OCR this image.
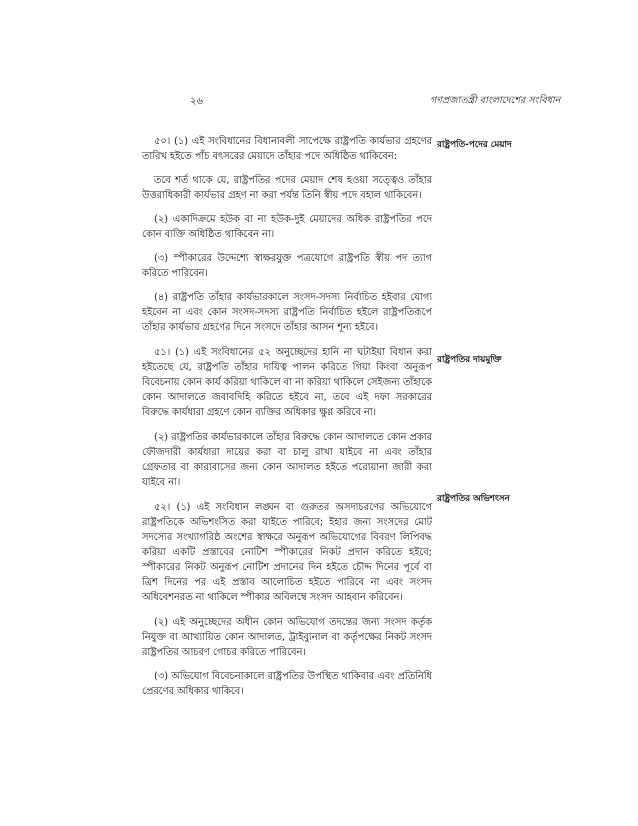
২৬	গণপ্রজাতন্ত্রী বাংলাদেশের সংবিধান
রাষ্ট্রপতি-পদের মেয়াদ
রাষ্ট্রপতির দায়মুক্তি
রাষ্ট্রপতির অভিশংসন

৫০। (১) এই সংবিধানের বিধানাবলী সাপেক্ষে রাষ্ট্রপতি কার্যভার গ্রহণের তারিখ হইতে পাঁচ বৎসরের মেয়াদে তাঁহার পদে অধিষ্ঠিত থাকিবেন:

তবে শর্ত থাকে যে, রাষ্ট্রপতির পদের মেয়াদ শেষ হওয়া সত্ত্বেও তাঁহার উত্তরাধিকারী কার্যভার গ্রহণ না করা পর্যন্ত তিনি স্বীয় পদে বহাল থাকিবেন।

(২) একাদিক্রমে হউক বা না হউক-দুই মেয়াদের অধিক রাষ্ট্রপতির পদে কোন ব্যক্তি অধিষ্ঠিত থাকিবেন না।

(৩) স্পীকারের উদ্দেশ্যে স্বাক্ষরযুক্ত পত্রযোগে রাষ্ট্রপতি স্বীয় পদ ত্যাগ করিতে পারিবেন।

(৪) রাষ্ট্রপতি তাঁহার কার্যভারকালে সংসদ-সদস্য নির্বাচিত হইবার যোগ্য হইবেন না এবং কোন সংসদ-সদস্য রাষ্ট্রপতি নির্বাচিত হইলে রাষ্ট্রপতিরূপে তাঁহার কার্যভার গ্রহণের দিনে সংসদে তাঁহার আসন শূন্য হইবে।

৫১। (১) এই সংবিধানের ৫২ অনুচ্ছেদের হানি না ঘটাইয়া বিধান করা হইতেছে যে, রাষ্ট্রপতি তাঁহার দায়িত্ব পালন করিতে গিয়া কিংবা অনুরূপ বিবেচনায় কোন কার্য করিয়া থাকিলে বা না করিয়া থাকিলে সেইজন্য তাঁহাকে কোন আদালতে জবাবদিহি করিতে হইবে না, তবে এই দফা সরকারের বিরুদ্ধে কার্যধারা গ্রহণে কোন ব্যক্তির অধিকার ক্ষুণ্ণ করিবে না।

(২) রাষ্ট্রপতির কার্যভারকালে তাঁহার বিরুদ্ধে কোন আদালতে কোন প্রকার ফৌজদারী কার্যধারা দায়ের করা বা চালু রাখা যাইবে না এবং তাঁহার গ্রেফতার বা কারাবাসের জন্য কোন আদালত হইতে পরোয়ানা জারী করা যাইবে না।

৫২। (১) এই সংবিধান লঙ্ঘন বা গুরুতর অসদাচরণের অভিযোগে রাষ্ট্রপতিকে অভিশংসিত করা যাইতে পারিবে; ইহার জন্য সংসদের মোট সদস্যের সংখ্যাগরিষ্ঠ অংশের স্বাক্ষরে অনুরূপ অভিযোগের বিবরণ লিপিবদ্ধ করিয়া একটি প্রস্তাবের নোটিশ স্পীকারের নিকট প্রদান করিতে হইবে; স্পীকারের নিকট অনুরূপ নোটিশ প্রদানের দিন হইতে চৌদ্দ দিনের পূর্বে বা ত্রিশ দিনের পর এই প্রস্তাব আলোচিত হইতে পারিবে না এবং সংসদ অধিবেশনরত না থাকিলে স্পীকার অবিলম্বে সংসদ আহবান করিবেন।

(২) এই অনুচ্ছেদের অধীন কোন অভিযোগ তদন্তের জন্য সংসদ কর্তৃক নিযুক্ত বা আখ্যায়িত কোন আদালত, ট্রাইব্যুনাল বা কর্তৃপক্ষের নিকট সংসদ রাষ্ট্রপতির আচরণ গোচর করিতে পারিবেন।

(৩) অভিযোগ বিবেচনাকালে রাষ্ট্রপতির উপস্থিত থাকিবার এবং প্রতিনিধি প্রেরণের অধিকার থাকিবে।
